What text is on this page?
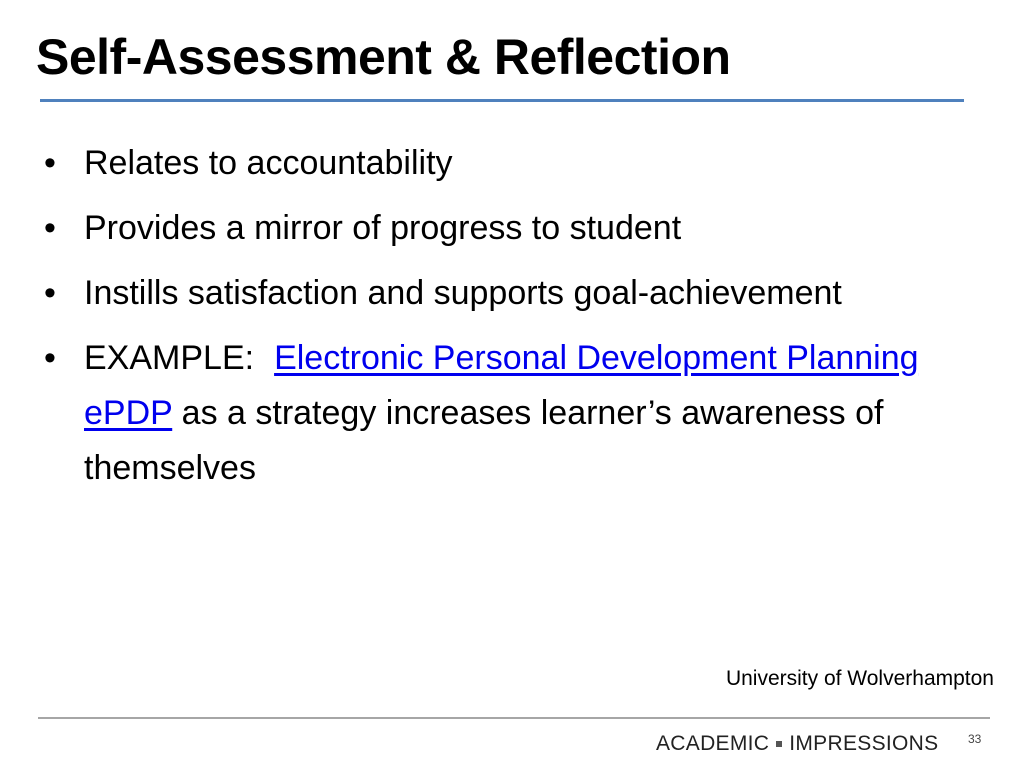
Self-Assessment & Reflection
• Relates to accountability
• Provides a mirror of progress to student
• Instills satisfaction and supports goal-achievement
• EXAMPLE: Electronic Personal Development Planning ePDP as a strategy increases learner’s awareness of themselves
University of Wolverhampton
ACADEMIC IMPRESSIONS 33
